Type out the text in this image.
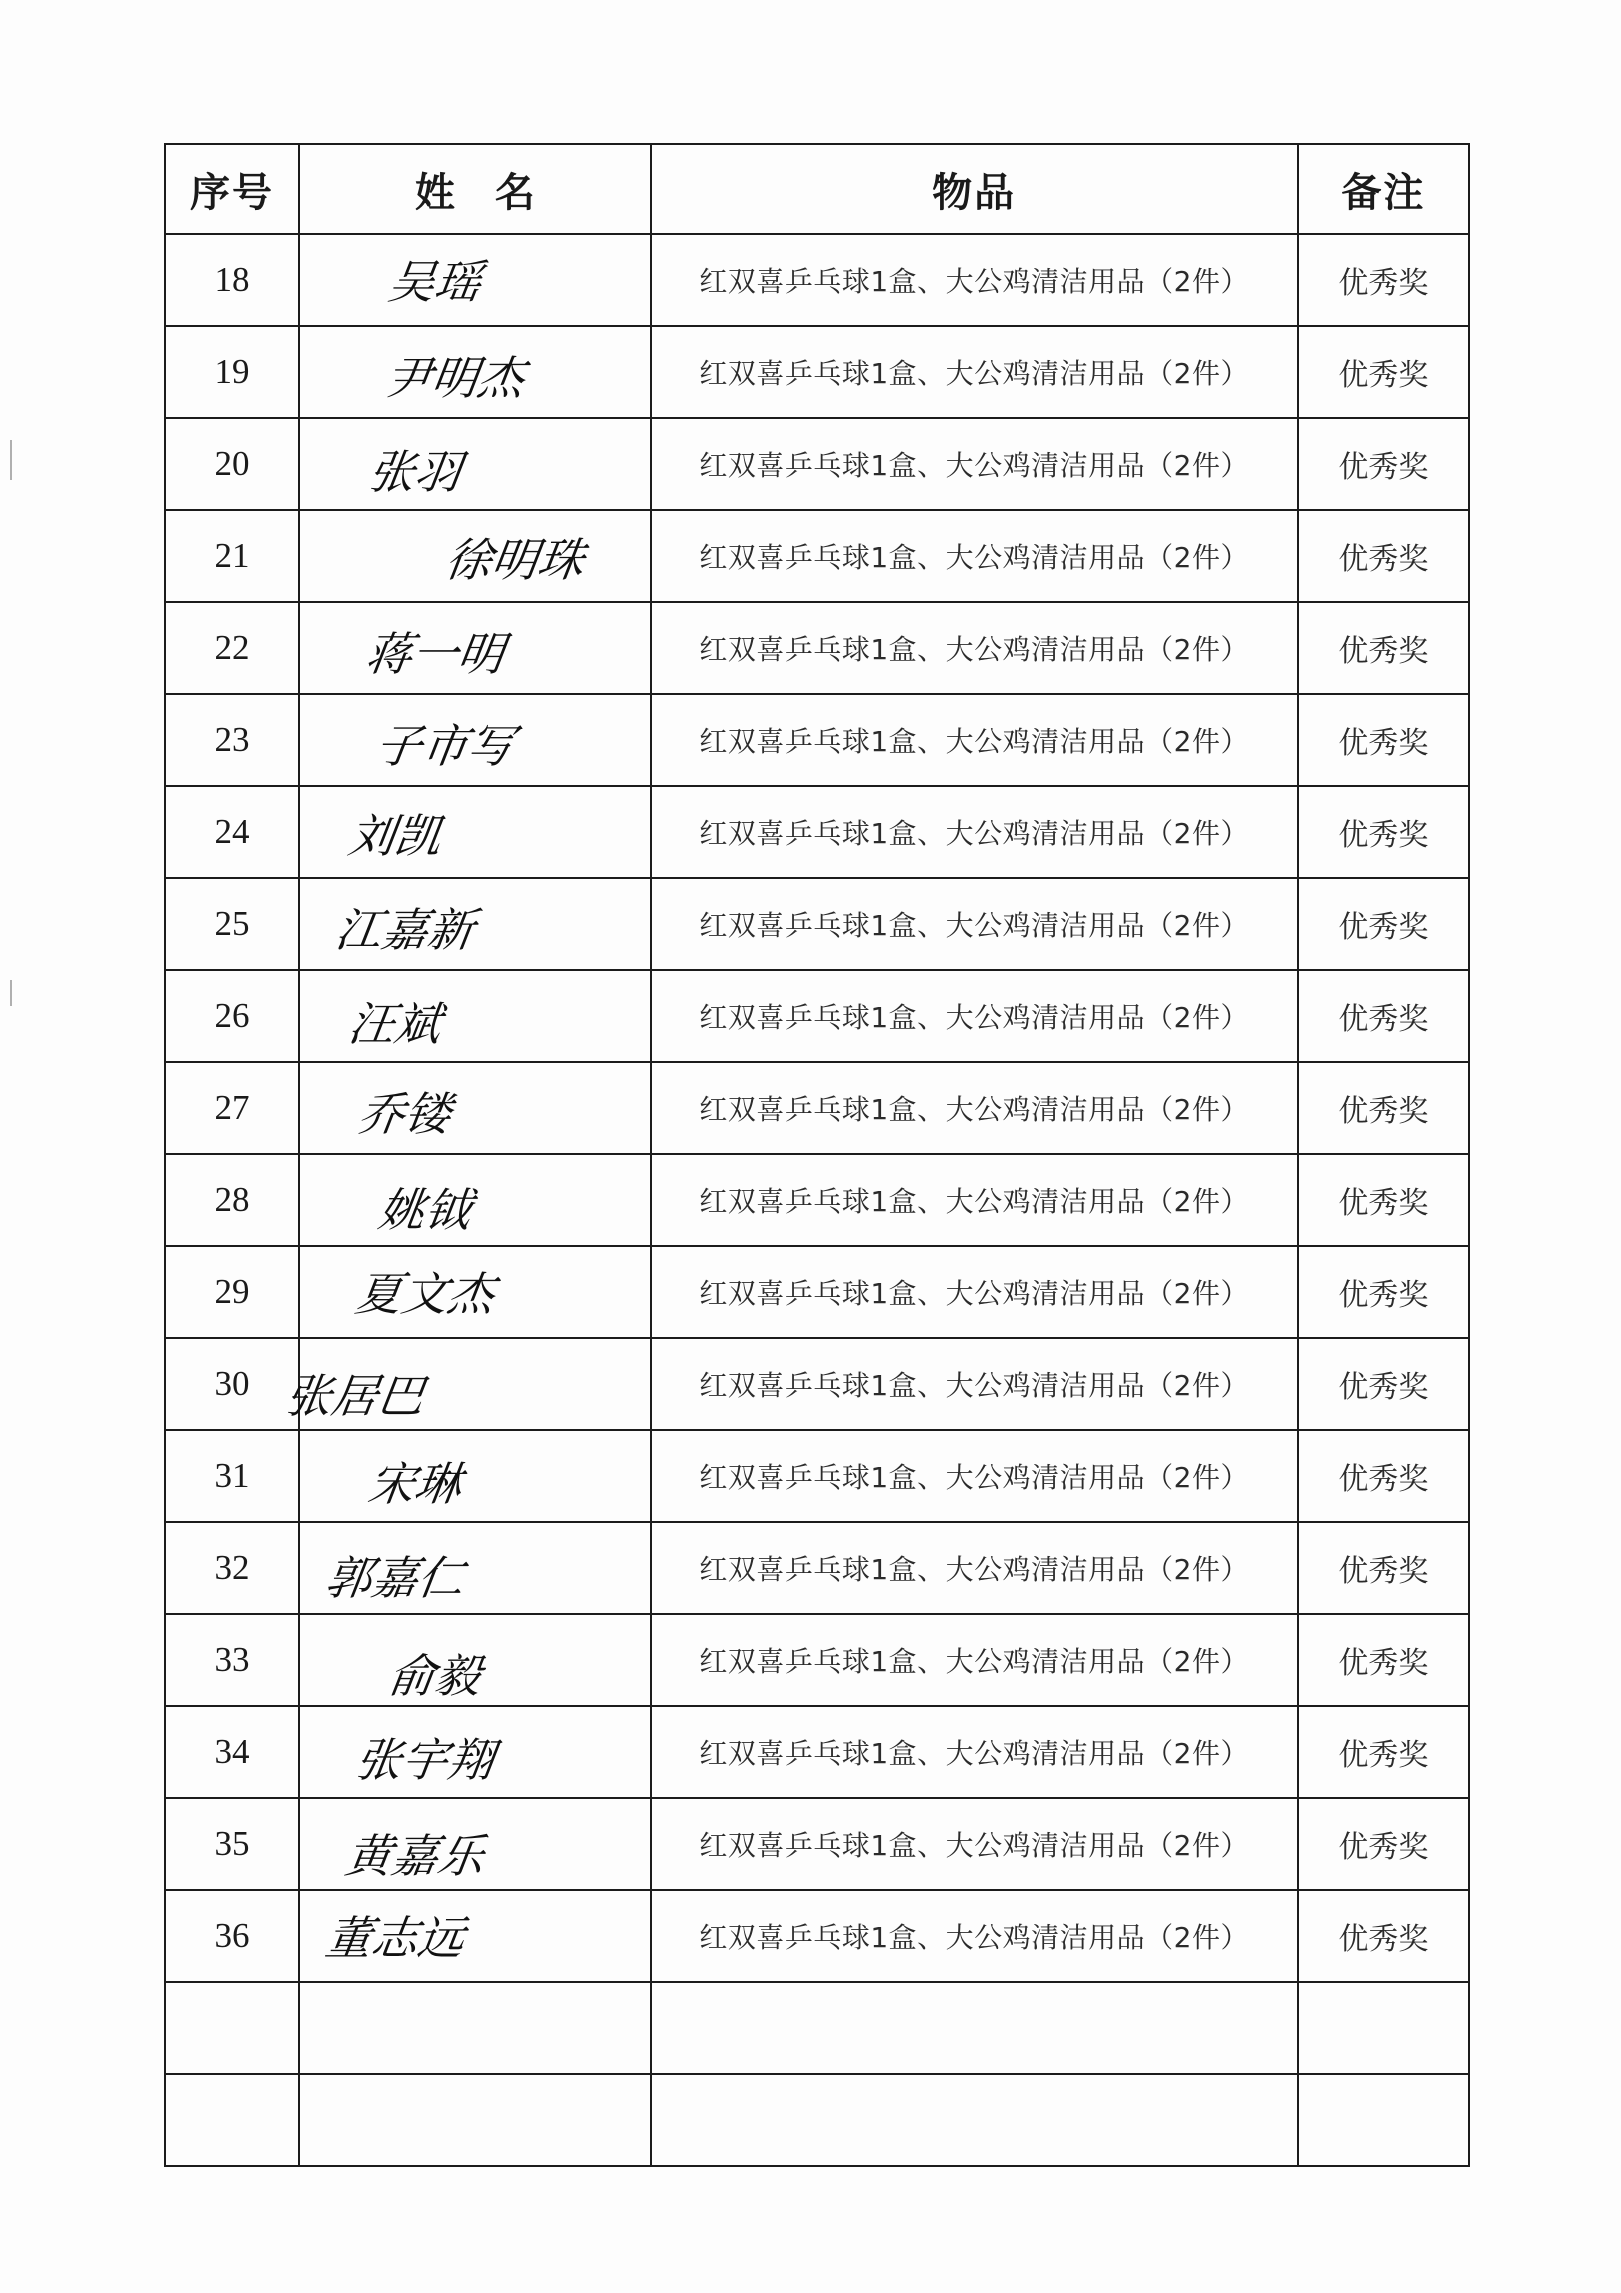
序号	姓名	物品	备注
18	吴瑶	红双喜乒乓球1盒、大公鸡清洁用品（2件）	优秀奖
19	尹明杰	红双喜乒乓球1盒、大公鸡清洁用品（2件）	优秀奖
20	张羽	红双喜乒乓球1盒、大公鸡清洁用品（2件）	优秀奖
21	徐明珠	红双喜乒乓球1盒、大公鸡清洁用品（2件）	优秀奖
22	蒋一明	红双喜乒乓球1盒、大公鸡清洁用品（2件）	优秀奖
23	子市写	红双喜乒乓球1盒、大公鸡清洁用品（2件）	优秀奖
24	刘凯	红双喜乒乓球1盒、大公鸡清洁用品（2件）	优秀奖
25	江嘉新	红双喜乒乓球1盒、大公鸡清洁用品（2件）	优秀奖
26	汪斌	红双喜乒乓球1盒、大公鸡清洁用品（2件）	优秀奖
27	乔镂	红双喜乒乓球1盒、大公鸡清洁用品（2件）	优秀奖
28	姚钺	红双喜乒乓球1盒、大公鸡清洁用品（2件）	优秀奖
29	夏文杰	红双喜乒乓球1盒、大公鸡清洁用品（2件）	优秀奖
30	张居巴	红双喜乒乓球1盒、大公鸡清洁用品（2件）	优秀奖
31	宋琳	红双喜乒乓球1盒、大公鸡清洁用品（2件）	优秀奖
32	郭嘉仁	红双喜乒乓球1盒、大公鸡清洁用品（2件）	优秀奖
33	俞毅	红双喜乒乓球1盒、大公鸡清洁用品（2件）	优秀奖
34	张宇翔	红双喜乒乓球1盒、大公鸡清洁用品（2件）	优秀奖
35	黄嘉乐	红双喜乒乓球1盒、大公鸡清洁用品（2件）	优秀奖
36	董志远	红双喜乒乓球1盒、大公鸡清洁用品（2件）	优秀奖
